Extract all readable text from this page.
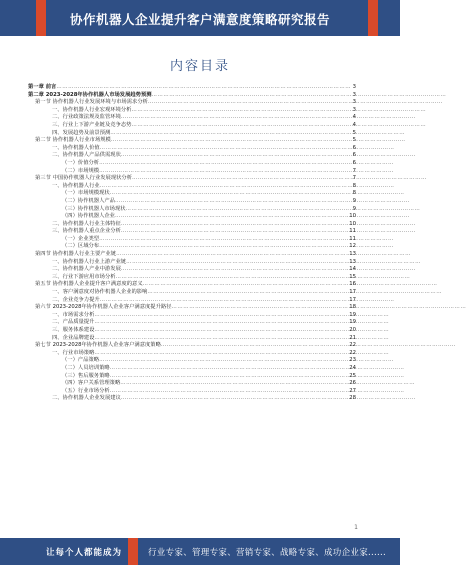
协作机器人企业提升客户满意度策略研究报告
内容目录
第一章 前言 ……………………………………………………………………………………………………………………………………	3
第二章 2023-2028年协作机器人市场发展趋势预测 ……………………………………………………………………………………………………………………………………	3
第一节 协作机器人行业发展环境与市场需求分析 ……………………………………………………………………………………………………………………………………	3
一、协作机器人行业宏观环境分析 ……………………………………………………………………………………………………………………………………	3
二、行业政策法规及监管环境 ……………………………………………………………………………………………………………………………………	4
三、行业上下游产业链及竞争态势 ……………………………………………………………………………………………………………………………………	4
四、发展趋势及前景预测 ……………………………………………………………………………………………………………………………………	5
第二节 协作机器人行业市场规模 ……………………………………………………………………………………………………………………………………	5
一、协作机器人价值 ……………………………………………………………………………………………………………………………………	6
二、协作机器人产品供需现状 ……………………………………………………………………………………………………………………………………	6
（一）价值分析 ……………………………………………………………………………………………………………………………………	6
（二）市场规模 ……………………………………………………………………………………………………………………………………	7
第三节 中国协作机器人行业发展现状分析 ……………………………………………………………………………………………………………………………………	7
一、协作机器人行业 ……………………………………………………………………………………………………………………………………	8
（一）市场规模现状 ……………………………………………………………………………………………………………………………………	8
（二）协作机器人产品 ……………………………………………………………………………………………………………………………………	9
（三）协作机器人市场现状 ……………………………………………………………………………………………………………………………………	9
（四）协作机器人企业 ……………………………………………………………………………………………………………………………………	10
二、协作机器人行业主体特征 ……………………………………………………………………………………………………………………………………	10
三、协作机器人重点企业分析 ……………………………………………………………………………………………………………………………………	11
（一）企业类型 ……………………………………………………………………………………………………………………………………	11
（二）区域分布 ……………………………………………………………………………………………………………………………………	12
第四节 协作机器人行业主要产业链 ……………………………………………………………………………………………………………………………………	13
一、协作机器人行业上游产业链 ……………………………………………………………………………………………………………………………………	13
二、协作机器人产业中游发展 ……………………………………………………………………………………………………………………………………	14
三、行业下游应用市场分析 ……………………………………………………………………………………………………………………………………	15
第五节 协作机器人企业提升客户满意度的意义 ……………………………………………………………………………………………………………………………………	16
一、客户满意度对协作机器人企业的影响 ……………………………………………………………………………………………………………………………………	17
二、企业竞争力提升 ……………………………………………………………………………………………………………………………………	17
第六节 2023-2028年协作机器人企业客户满意度提升路径 ……………………………………………………………………………………………………………………………………	18
一、市场需求分析 ……………………………………………………………………………………………………………………………………	19
二、产品质量提升 ……………………………………………………………………………………………………………………………………	19
三、服务体系建设 ……………………………………………………………………………………………………………………………………	20
四、企业品牌建设 ……………………………………………………………………………………………………………………………………	21
第七节 2023-2028年协作机器人企业客户满意度策略 ……………………………………………………………………………………………………………………………………	22
一、行业市场策略 ……………………………………………………………………………………………………………………………………	22
（一）产品策略 ……………………………………………………………………………………………………………………………………	23
（二）人员培训策略 ……………………………………………………………………………………………………………………………………	24
（三）售后服务策略 ……………………………………………………………………………………………………………………………………	25
（四）客户关系管理策略 ……………………………………………………………………………………………………………………………………	26
（五）行业市场分析 ……………………………………………………………………………………………………………………………………	27
二、协作机器人企业发展建议 ……………………………………………………………………………………………………………………………………	28
1
让每个人都能成为	行业专家、管理专家、营销专家、战略专家、成功企业家......
